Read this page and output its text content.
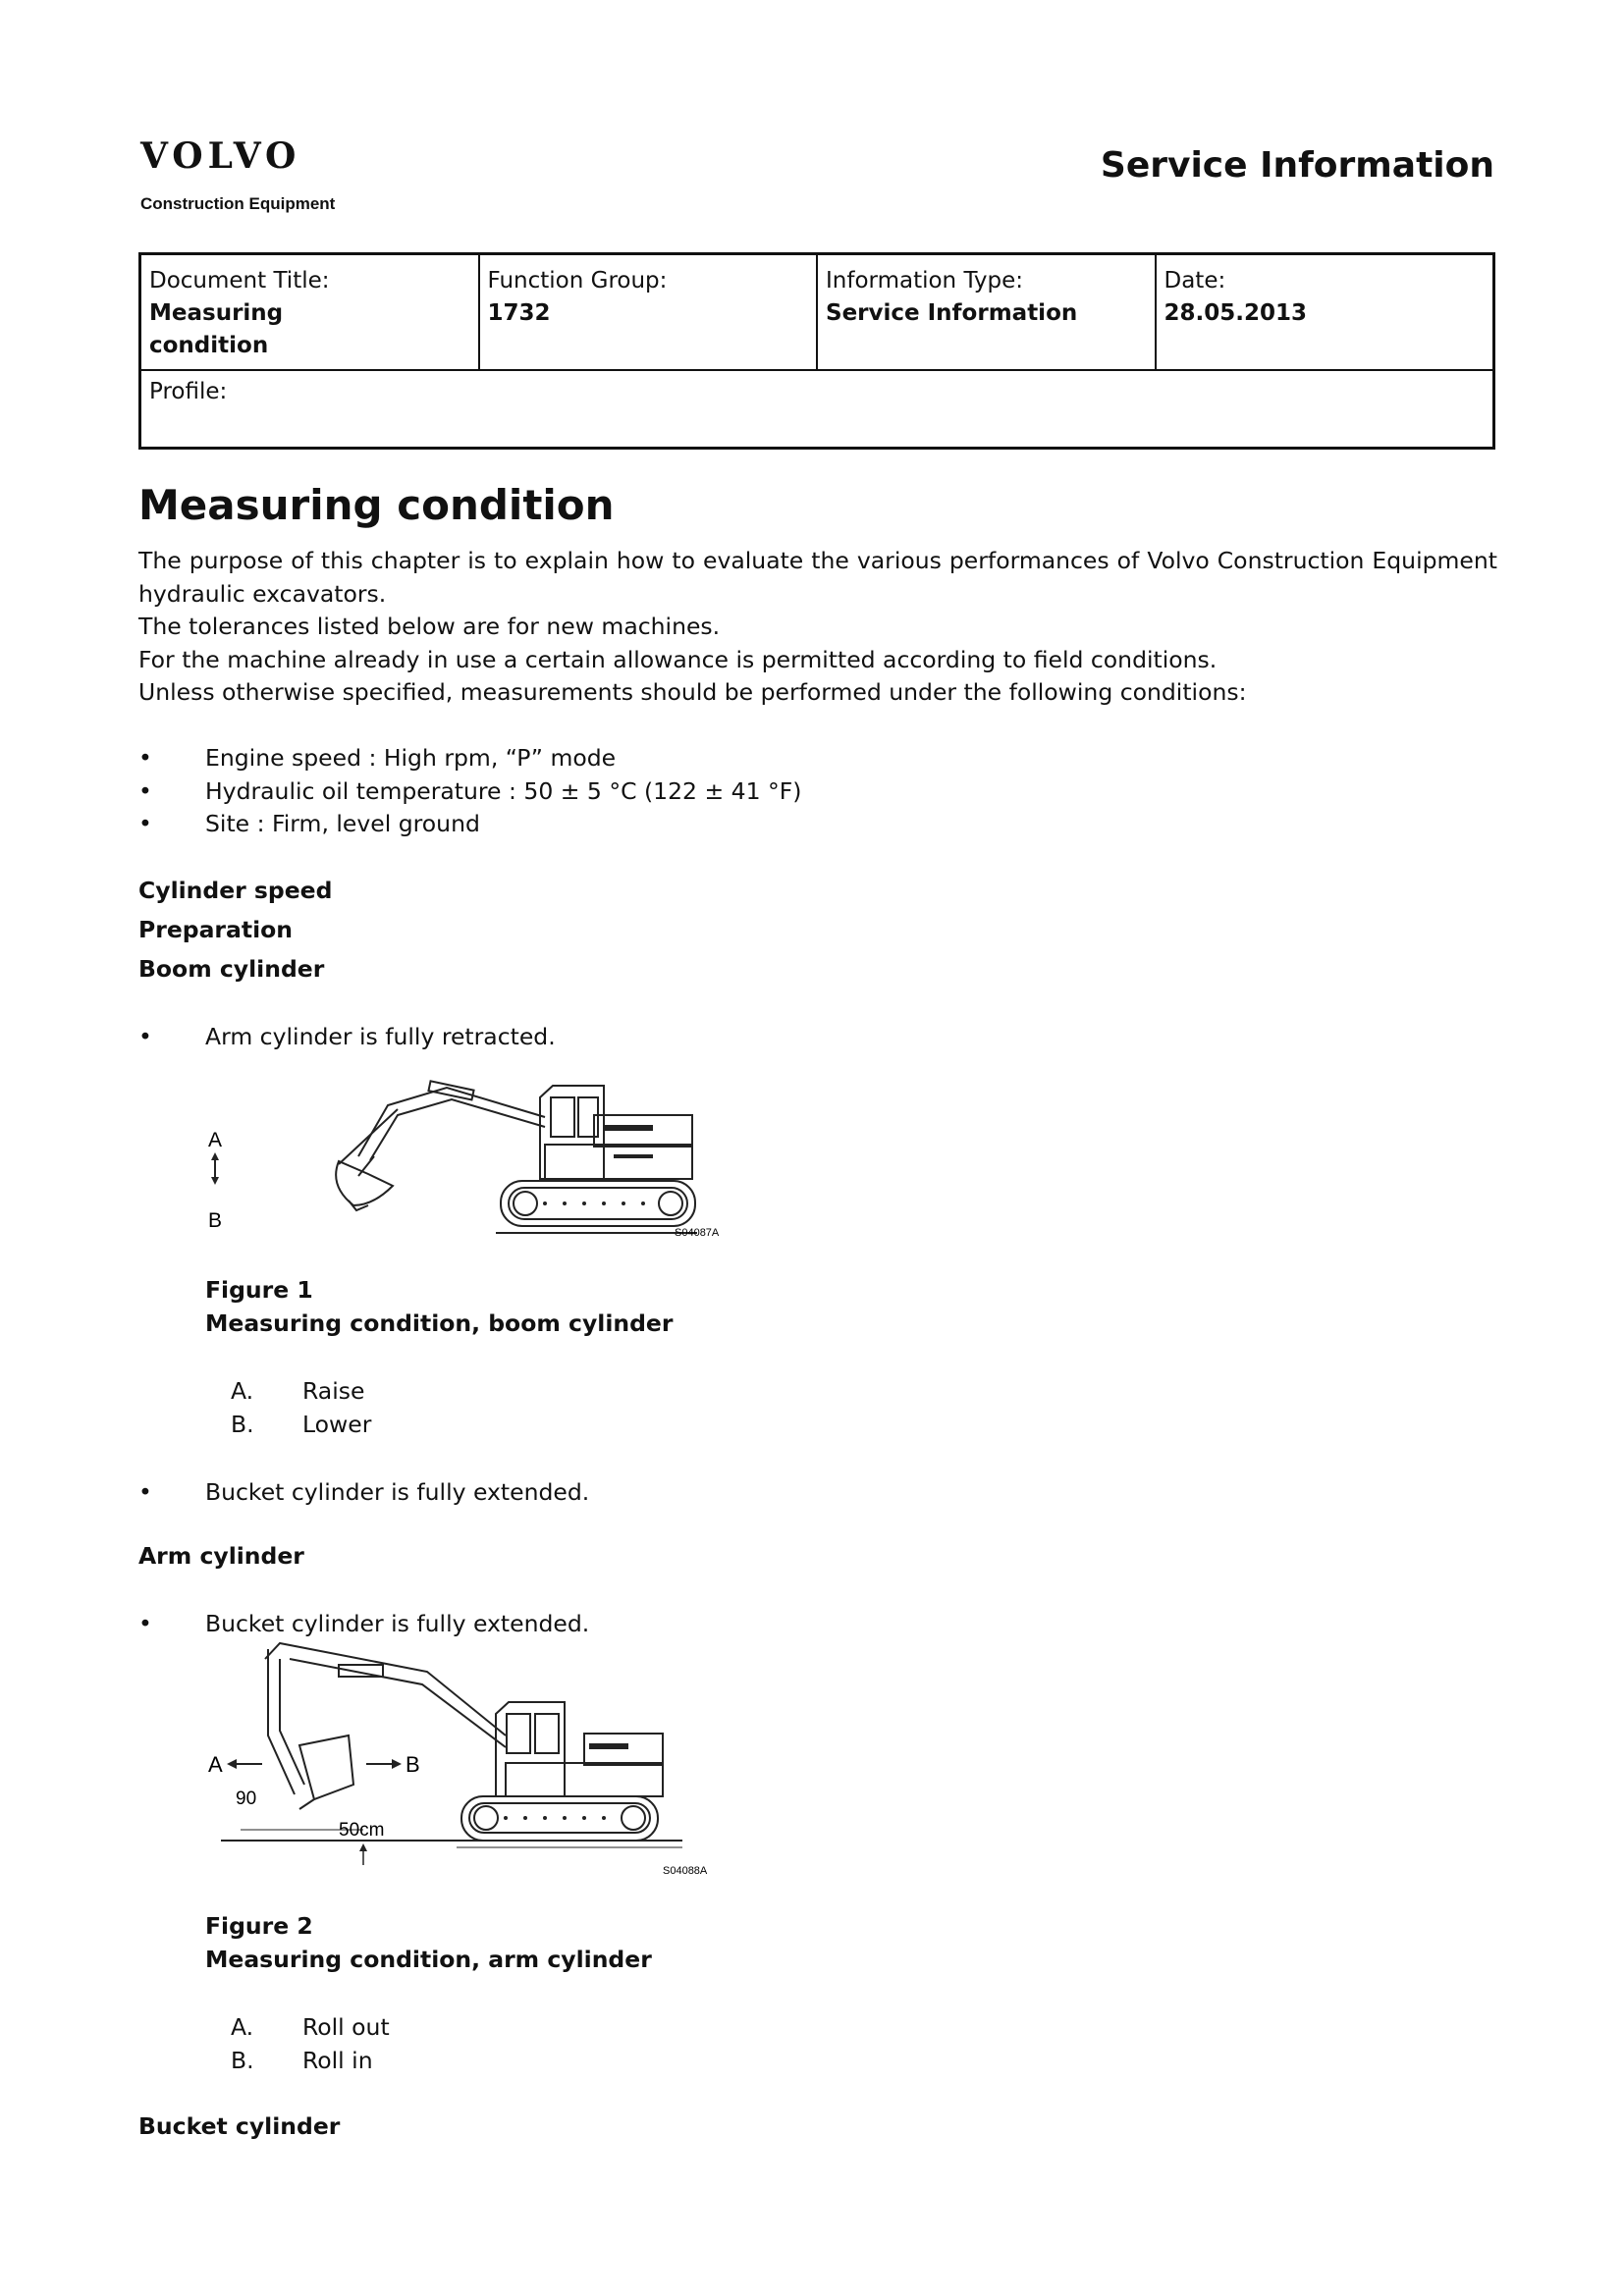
VOLVO
Construction Equipment
Service Information
Document Title:
Measuring condition
Function Group:
1732
Information Type:
Service Information
Date:
28.05.2013
Profile:
Measuring condition
The purpose of this chapter is to explain how to evaluate the various performances of Volvo Construction Equipment hydraulic excavators.
The tolerances listed below are for new machines.
For the machine already in use a certain allowance is permitted according to field conditions.
Unless otherwise specified, measurements should be performed under the following conditions:
• Engine speed : High rpm, “P” mode
• Hydraulic oil temperature : 50 ± 5 °C (122 ± 41 °F)
• Site : Firm, level ground
Cylinder speed
Preparation
Boom cylinder
• Arm cylinder is fully retracted.
A
B
S04087A
Figure 1
Measuring condition, boom cylinder
A. Raise
B. Lower
• Bucket cylinder is fully extended.
Arm cylinder
• Bucket cylinder is fully extended.
A	B
90
50cm
S04088A
Figure 2
Measuring condition, arm cylinder
A. Roll out
B. Roll in
Bucket cylinder
